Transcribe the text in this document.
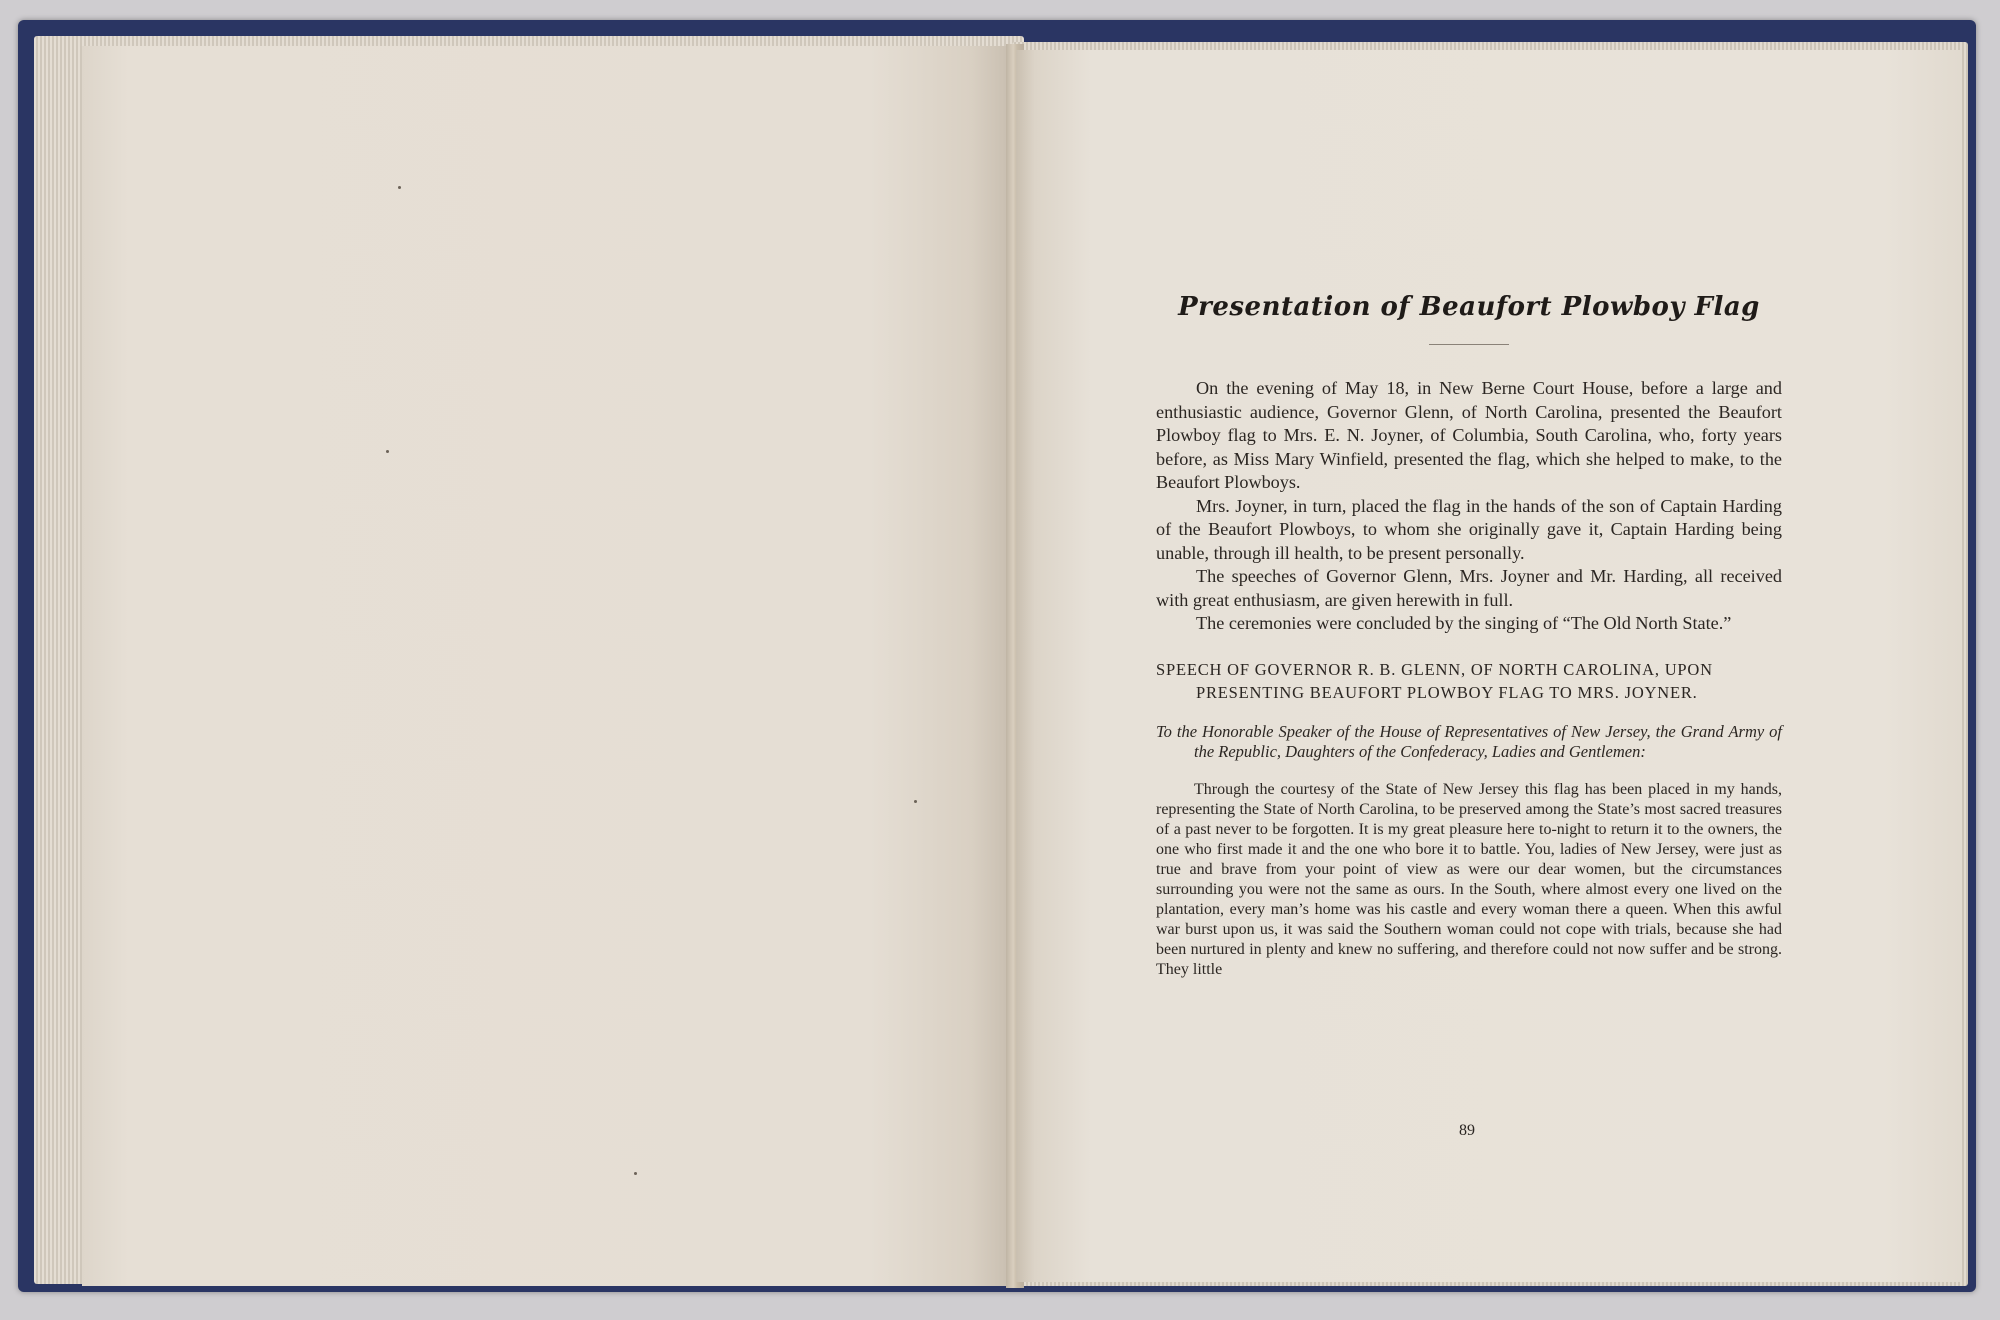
Presentation of Beaufort Plowboy Flag

On the evening of May 18, in New Berne Court House, before a large and enthusiastic audience, Governor Glenn, of North Carolina, presented the Beaufort Plowboy flag to Mrs. E. N. Joyner, of Columbia, South Carolina, who, forty years before, as Miss Mary Winfield, presented the flag, which she helped to make, to the Beaufort Plowboys.

Mrs. Joyner, in turn, placed the flag in the hands of the son of Captain Harding of the Beaufort Plowboys, to whom she originally gave it, Captain Harding being unable, through ill health, to be present personally.

The speeches of Governor Glenn, Mrs. Joyner and Mr. Harding, all received with great enthusiasm, are given herewith in full.

The ceremonies were concluded by the singing of “The Old North State.”

SPEECH OF GOVERNOR R. B. GLENN, OF NORTH CAROLINA, UPON PRESENTING BEAUFORT PLOWBOY FLAG TO MRS. JOYNER.

To the Honorable Speaker of the House of Representatives of New Jersey, the Grand Army of the Republic, Daughters of the Confederacy, Ladies and Gentlemen:

Through the courtesy of the State of New Jersey this flag has been placed in my hands, representing the State of North Carolina, to be preserved among the State’s most sacred treasures of a past never to be forgotten. It is my great pleasure here to-night to return it to the owners, the one who first made it and the one who bore it to battle. You, ladies of New Jersey, were just as true and brave from your point of view as were our dear women, but the circumstances surrounding you were not the same as ours. In the South, where almost every one lived on the plantation, every man’s home was his castle and every woman there a queen. When this awful war burst upon us, it was said the Southern woman could not cope with trials, because she had been nurtured in plenty and knew no suffering, and therefore could not now suffer and be strong. They little

89
